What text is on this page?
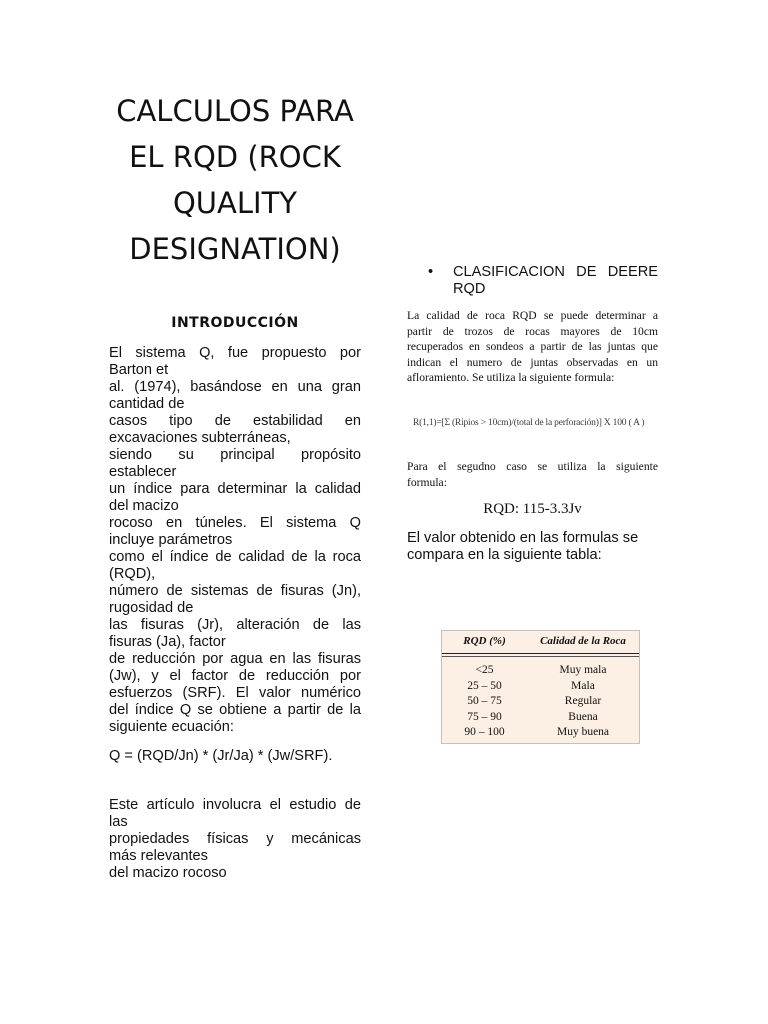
CALCULOS PARA
EL RQD (ROCK
QUALITY
DESIGNATION)
INTRODUCCIÓN

El sistema Q, fue propuesto por
Barton et
al. (1974), basándose en una gran
cantidad de
casos tipo de estabilidad en
excavaciones subterráneas,
siendo su principal propósito
establecer
un índice para determinar la calidad
del macizo
rocoso en túneles. El sistema Q
incluye parámetros
como el índice de calidad de la roca
(RQD),
número de sistemas de fisuras (Jn),
rugosidad de
las fisuras (Jr), alteración de las
fisuras (Ja), factor
de reducción por agua en las fisuras
(Jw), y el factor de reducción por
esfuerzos (SRF). El valor numérico
del índice Q se obtiene a partir de la
siguiente ecuación:

Q = (RQD/Jn) * (Jr/Ja) * (Jw/SRF).

Este artículo involucra el estudio de
las
propiedades físicas y mecánicas
más relevantes
del macizo rocoso

• CLASIFICACION DE DEERE
RQD

La calidad de roca RQD se puede determinar a
partir de trozos de rocas mayores de 10cm
recuperados en sondeos a partir de las juntas que
indican el numero de juntas observadas en un
afloramiento. Se utiliza la siguiente formula:

R(1,1)=[Σ (Ripios > 10cm)/(total de la perforación)] X 100 ( A )

Para el segudno caso se utiliza la siguiente
formula:

RQD: 115-3.3Jv

El valor obtenido en las formulas se
compara en la siguiente tabla:

RQD (%)	Calidad de la Roca
<25	Muy mala
25 – 50	Mala
50 – 75	Regular
75 – 90	Buena
90 – 100	Muy buena
